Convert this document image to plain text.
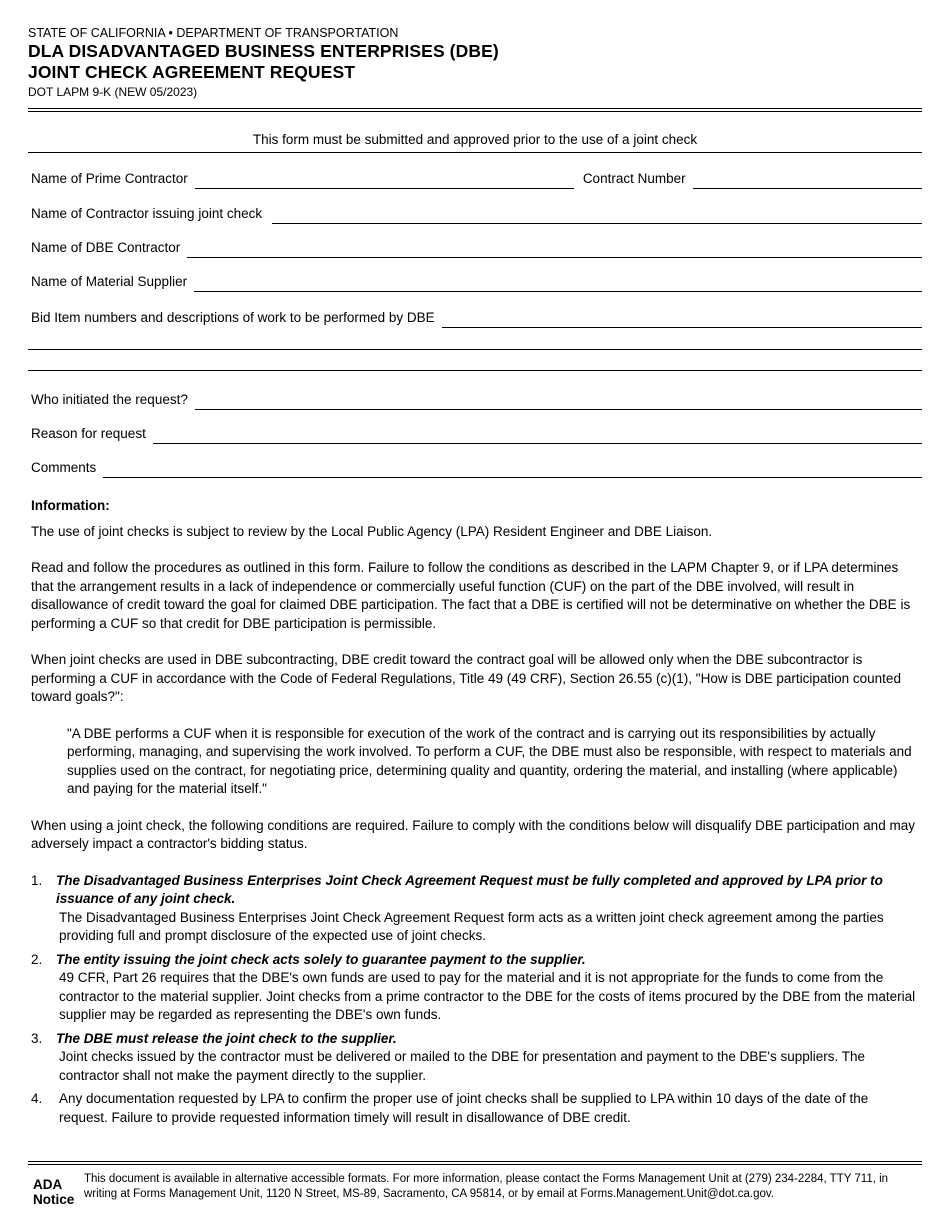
STATE OF CALIFORNIA • DEPARTMENT OF TRANSPORTATION
DLA DISADVANTAGED BUSINESS ENTERPRISES (DBE)
JOINT CHECK AGREEMENT REQUEST
DOT LAPM 9-K (NEW 05/2023)
This form must be submitted and approved prior to the use of a joint check
Name of Prime Contractor	Contract Number
Name of Contractor issuing joint check
Name of DBE Contractor
Name of Material Supplier
Bid Item numbers and descriptions of work to be performed by DBE
Who initiated the request?
Reason for request
Comments
Information:
The use of joint checks is subject to review by the Local Public Agency (LPA) Resident Engineer and DBE Liaison.
Read and follow the procedures as outlined in this form. Failure to follow the conditions as described in the LAPM Chapter 9, or if LPA determines that the arrangement results in a lack of independence or commercially useful function (CUF) on the part of the DBE involved, will result in disallowance of credit toward the goal for claimed DBE participation. The fact that a DBE is certified will not be determinative on whether the DBE is performing a CUF so that credit for DBE participation is permissible.
When joint checks are used in DBE subcontracting, DBE credit toward the contract goal will be allowed only when the DBE subcontractor is performing a CUF in accordance with the Code of Federal Regulations, Title 49 (49 CRF), Section 26.55 (c)(1), "How is DBE participation counted toward goals?":
"A DBE performs a CUF when it is responsible for execution of the work of the contract and is carrying out its responsibilities by actually performing, managing, and supervising the work involved. To perform a CUF, the DBE must also be responsible, with respect to materials and supplies used on the contract, for negotiating price, determining quality and quantity, ordering the material, and installing (where applicable) and paying for the material itself."
When using a joint check, the following conditions are required. Failure to comply with the conditions below will disqualify DBE participation and may adversely impact a contractor's bidding status.
1.	The Disadvantaged Business Enterprises Joint Check Agreement Request must be fully completed and approved by LPA prior to issuance of any joint check.
The Disadvantaged Business Enterprises Joint Check Agreement Request form acts as a written joint check agreement among the parties providing full and prompt disclosure of the expected use of joint checks.
2.	The entity issuing the joint check acts solely to guarantee payment to the supplier.
49 CFR, Part 26 requires that the DBE's own funds are used to pay for the material and it is not appropriate for the funds to come from the contractor to the material supplier. Joint checks from a prime contractor to the DBE for the costs of items procured by the DBE from the material supplier may be regarded as representing the DBE's own funds.
3.	The DBE must release the joint check to the supplier.
Joint checks issued by the contractor must be delivered or mailed to the DBE for presentation and payment to the DBE's suppliers. The contractor shall not make the payment directly to the supplier.
4.	Any documentation requested by LPA to confirm the proper use of joint checks shall be supplied to LPA within 10 days of the date of the request. Failure to provide requested information timely will result in disallowance of DBE credit.
ADA Notice
This document is available in alternative accessible formats. For more information, please contact the Forms Management Unit at (279) 234-2284, TTY 711, in writing at Forms Management Unit, 1120 N Street, MS-89, Sacramento, CA 95814, or by email at Forms.Management.Unit@dot.ca.gov.
